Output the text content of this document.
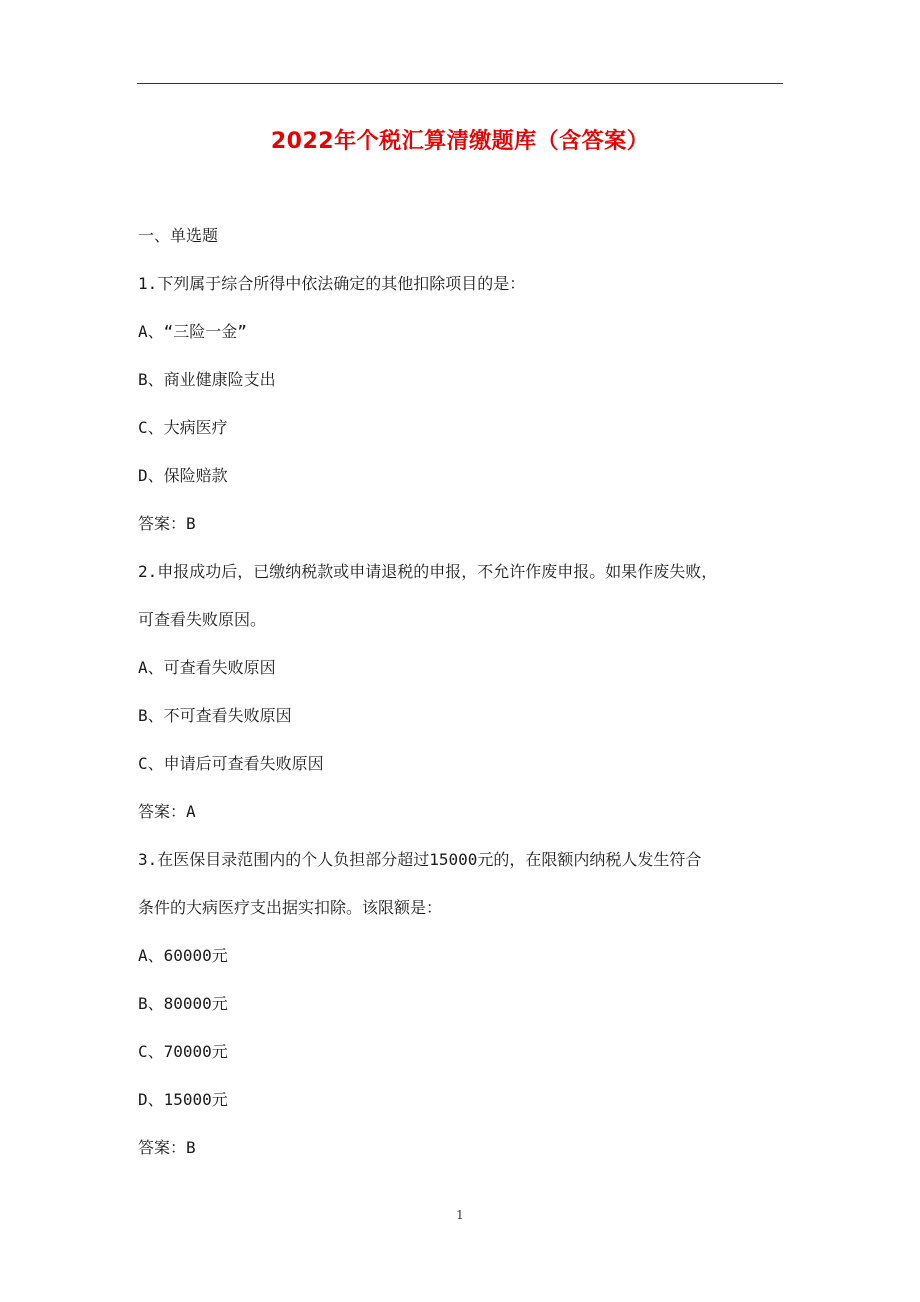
2022年个税汇算清缴题库（含答案）
一、单选题
1.下列属于综合所得中依法确定的其他扣除项目的是：
A、“三险一金”
B、商业健康险支出
C、大病医疗
D、保险赔款
答案：B
2.申报成功后，已缴纳税款或申请退税的申报，不允许作废申报。如果作废失败，
可查看失败原因。
A、可查看失败原因
B、不可查看失败原因
C、申请后可查看失败原因
答案：A
3.在医保目录范围内的个人负担部分超过15000元的，在限额内纳税人发生符合
条件的大病医疗支出据实扣除。该限额是：
A、60000元
B、80000元
C、70000元
D、15000元
答案：B
1
